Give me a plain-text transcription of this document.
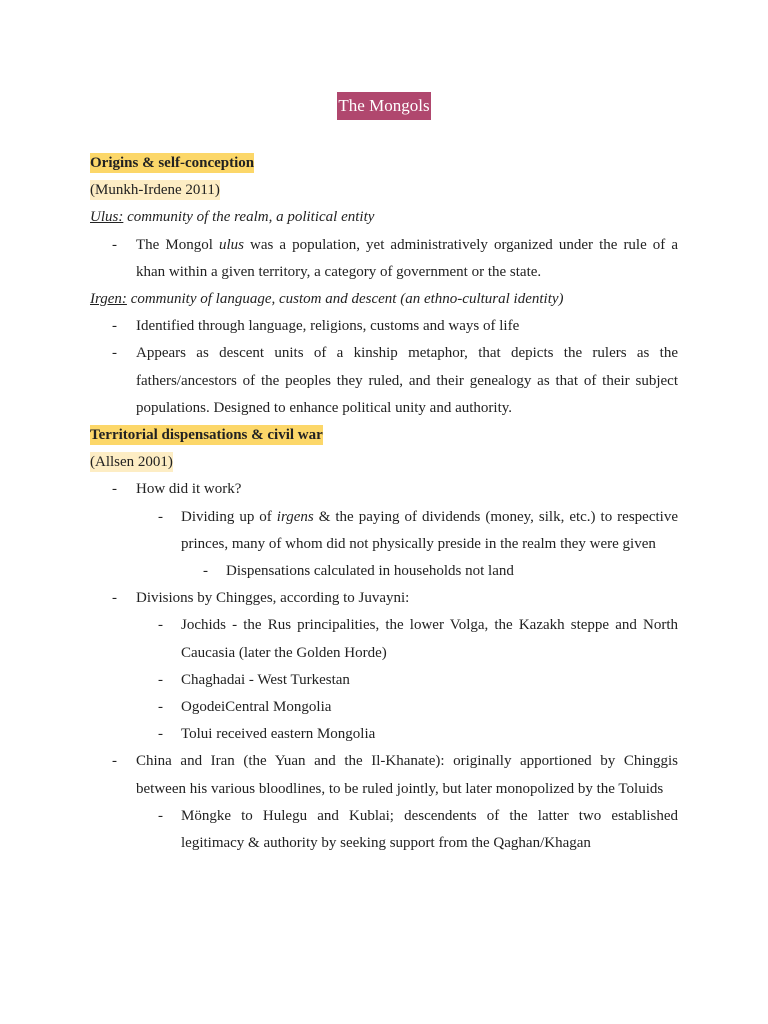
The Mongols
Origins & self-conception
(Munkh-Irdene 2011)
Ulus: community of the realm, a political entity
- The Mongol ulus was a population, yet administratively organized under the rule of a khan within a given territory, a category of government or the state.
Irgen: community of language, custom and descent (an ethno-cultural identity)
- Identified through language, religions, customs and ways of life
- Appears as descent units of a kinship metaphor, that depicts the rulers as the fathers/ancestors of the peoples they ruled, and their genealogy as that of their subject populations. Designed to enhance political unity and authority.
Territorial dispensations & civil war
(Allsen 2001)
- How did it work?
- Dividing up of irgens & the paying of dividends (money, silk, etc.) to respective princes, many of whom did not physically preside in the realm they were given
- Dispensations calculated in households not land
- Divisions by Chingges, according to Juvayni:
- Jochids - the Rus principalities, the lower Volga, the Kazakh steppe and North Caucasia (later the Golden Horde)
- Chaghadai - West Turkestan
- OgodeiCentral Mongolia
- Tolui received eastern Mongolia
- China and Iran (the Yuan and the Il-Khanate): originally apportioned by Chinggis between his various bloodlines, to be ruled jointly, but later monopolized by the Toluids
- Möngke to Hulegu and Kublai; descendents of the latter two established legitimacy & authority by seeking support from the Qaghan/Khagan
